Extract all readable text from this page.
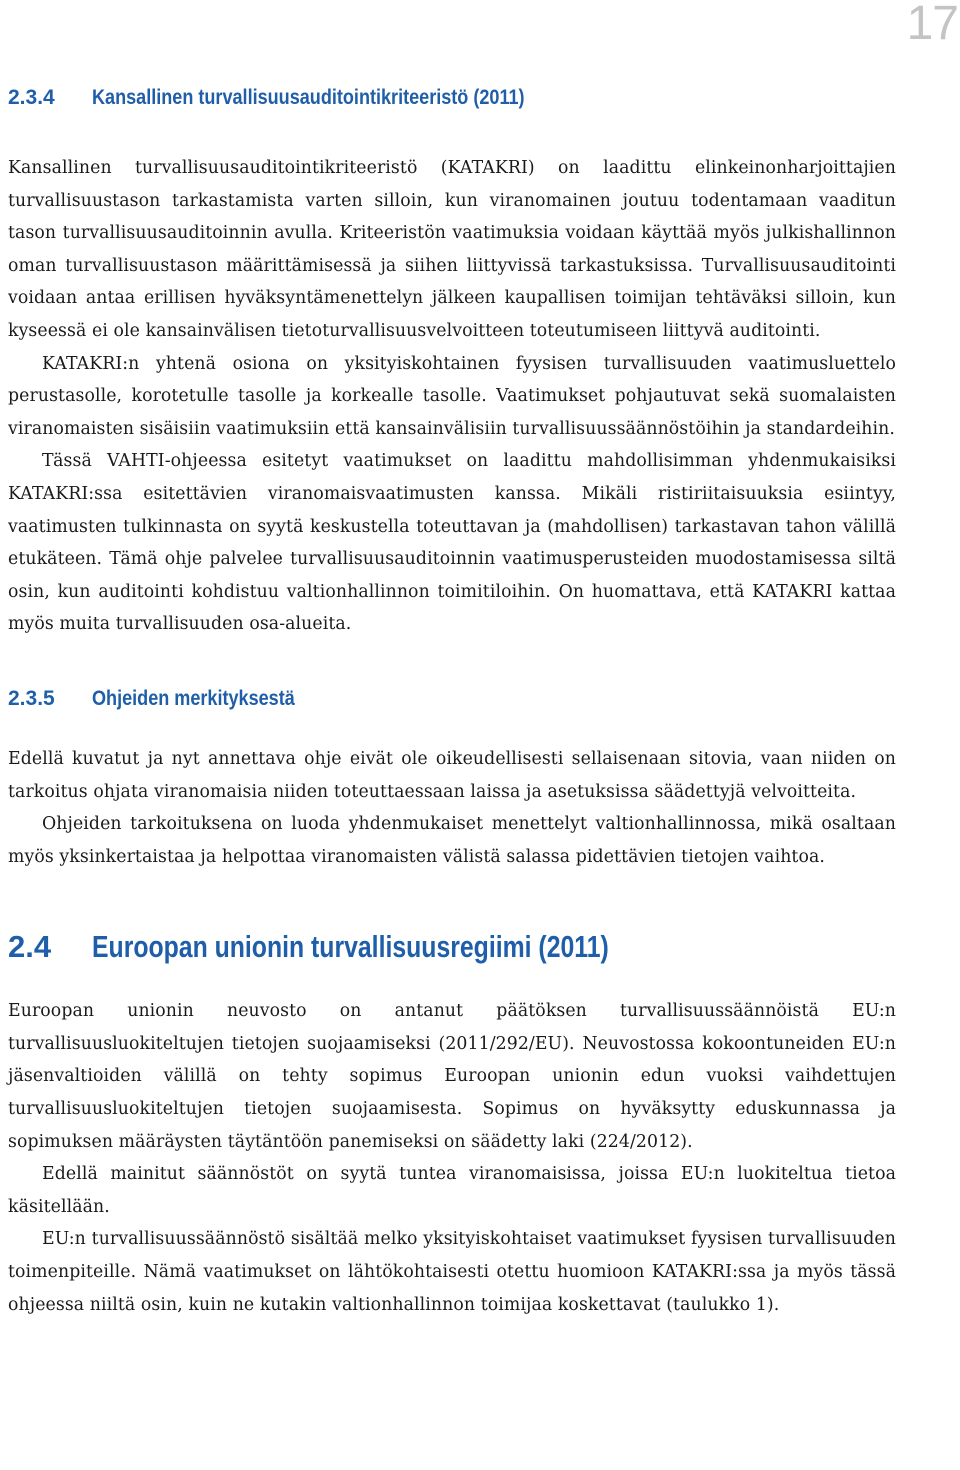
17
2.3.4	Kansallinen turvallisuusauditointikriteeristö (2011)

Kansallinen turvallisuusauditointikriteeristö (KATAKRI) on laadittu elinkeinonharjoittajien turvallisuustason tarkastamista varten silloin, kun viranomainen joutuu todentamaan vaaditun tason turvallisuusauditoinnin avulla. Kriteeristön vaatimuksia voidaan käyttää myös julkishallinnon oman turvallisuustason määrittämisessä ja siihen liittyvissä tarkastuksissa. Turvallisuusauditointi voidaan antaa erillisen hyväksyntämenettelyn jälkeen kaupallisen toimijan tehtäväksi silloin, kun kyseessä ei ole kansainvälisen tietoturvallisuusvelvoitteen toteutumiseen liittyvä auditointi.

KATAKRI:n yhtenä osiona on yksityiskohtainen fyysisen turvallisuuden vaatimusluettelo perustasolle, korotetulle tasolle ja korkealle tasolle. Vaatimukset pohjautuvat sekä suomalaisten viranomaisten sisäisiin vaatimuksiin että kansainvälisiin turvallisuussäännöstöihin ja standardeihin.

Tässä VAHTI-ohjeessa esitetyt vaatimukset on laadittu mahdollisimman yhdenmukaisiksi KATAKRI:ssa esitettävien viranomaisvaatimusten kanssa. Mikäli ristiriitaisuuksia esiintyy, vaatimusten tulkinnasta on syytä keskustella toteuttavan ja (mahdollisen) tarkastavan tahon välillä etukäteen. Tämä ohje palvelee turvallisuusauditoinnin vaatimusperusteiden muodostamisessa siltä osin, kun auditointi kohdistuu valtionhallinnon toimitiloihin. On huomattava, että KATAKRI kattaa myös muita turvallisuuden osa-alueita.

2.3.5	Ohjeiden merkityksestä

Edellä kuvatut ja nyt annettava ohje eivät ole oikeudellisesti sellaisenaan sitovia, vaan niiden on tarkoitus ohjata viranomaisia niiden toteuttaessaan laissa ja asetuksissa säädettyjä velvoitteita.

Ohjeiden tarkoituksena on luoda yhdenmukaiset menettelyt valtionhallinnossa, mikä osaltaan myös yksinkertaistaa ja helpottaa viranomaisten välistä salassa pidettävien tietojen vaihtoa.

2.4	Euroopan unionin turvallisuusregiimi (2011)

Euroopan unionin neuvosto on antanut päätöksen turvallisuussäännöistä EU:n turvallisuusluokiteltujen tietojen suojaamiseksi (2011/292/EU). Neuvostossa kokoontuneiden EU:n jäsenvaltioiden välillä on tehty sopimus Euroopan unionin edun vuoksi vaihdettujen turvallisuusluokiteltujen tietojen suojaamisesta. Sopimus on hyväksytty eduskunnassa ja sopimuksen määräysten täytäntöön panemiseksi on säädetty laki (224/2012).

Edellä mainitut säännöstöt on syytä tuntea viranomaisissa, joissa EU:n luokiteltua tietoa käsitellään.

EU:n turvallisuussäännöstö sisältää melko yksityiskohtaiset vaatimukset fyysisen turvallisuuden toimenpiteille. Nämä vaatimukset on lähtökohtaisesti otettu huomioon KATAKRI:ssa ja myös tässä ohjeessa niiltä osin, kuin ne kutakin valtionhallinnon toimijaa koskettavat (taulukko 1).
